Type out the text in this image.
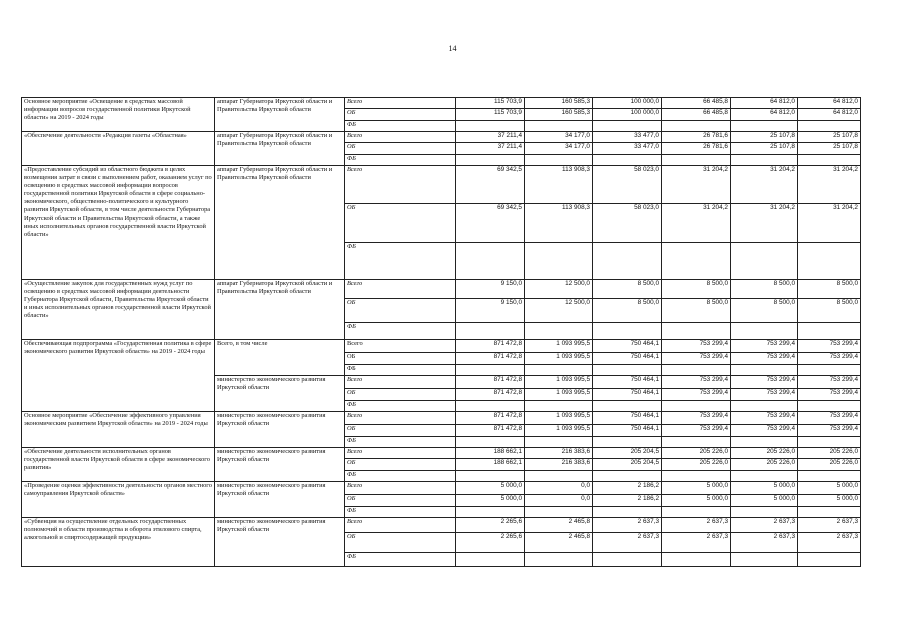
14
Основное мероприятие «Освещение в средствах массовой информации вопросов государственной политики Иркутской области» на 2019 - 2024 годы	аппарат Губернатора Иркутской области и Правительства Иркутской области	Всего	115 703,9	160 585,3	100 000,0	66 485,8	64 812,0	64 812,0
		ОБ	115 703,9	160 585,3	100 000,0	66 485,8	64 812,0	64 812,0
		ФБ						
«Обеспечение деятельности «Редакция газеты «Областная»	аппарат Губернатора Иркутской области и Правительства Иркутской области	Всего	37 211,4	34 177,0	33 477,0	26 781,6	25 107,8	25 107,8
		ОБ	37 211,4	34 177,0	33 477,0	26 781,6	25 107,8	25 107,8
		ФБ						
«Предоставление субсидий из областного бюджета в целях возмещения затрат в связи с выполнением работ, оказанием услуг по освещению в средствах массовой информации вопросов государственной политики Иркутской области в сфере социально-экономического, общественно-политического и культурного развития Иркутской области, в том числе деятельности Губернатора Иркутской области и Правительства Иркутской области, а также иных исполнительных органов государственной власти Иркутской области»	аппарат Губернатора Иркутской области и Правительства Иркутской области	Всего	69 342,5	113 908,3	58 023,0	31 204,2	31 204,2	31 204,2
		ОБ	69 342,5	113 908,3	58 023,0	31 204,2	31 204,2	31 204,2
		ФБ						
«Осуществление закупок для государственных нужд услуг по освещению в средствах массовой информации деятельности Губернатора Иркутской области, Правительства Иркутской области и иных исполнительных органов государственной власти Иркутской области»	аппарат Губернатора Иркутской области и Правительства Иркутской области	Всего	9 150,0	12 500,0	8 500,0	8 500,0	8 500,0	8 500,0
		ОБ	9 150,0	12 500,0	8 500,0	8 500,0	8 500,0	8 500,0
		ФБ						
Обеспечивающая подпрограмма «Государственная политика в сфере экономического развития Иркутской области» на 2019 - 2024 годы	Всего, в том числе	Всего	871 472,8	1 093 995,5	750 464,1	753 299,4	753 299,4	753 299,4
		ОБ	871 472,8	1 093 995,5	750 464,1	753 299,4	753 299,4	753 299,4
		ФБ						
	министерство экономического развития Иркутской области	Всего	871 472,8	1 093 995,5	750 464,1	753 299,4	753 299,4	753 299,4
		ОБ	871 472,8	1 093 995,5	750 464,1	753 299,4	753 299,4	753 299,4
		ФБ						
Основное мероприятие «Обеспечение эффективного управления экономическим развитием Иркутской области» на 2019 - 2024 годы	министерство экономического развития Иркутской области	Всего	871 472,8	1 093 995,5	750 464,1	753 299,4	753 299,4	753 299,4
		ОБ	871 472,8	1 093 995,5	750 464,1	753 299,4	753 299,4	753 299,4
		ФБ						
«Обеспечение деятельности исполнительных органов государственной власти Иркутской области в сфере экономического развития»	министерство экономического развития Иркутской области	Всего	188 662,1	216 383,6	205 204,5	205 226,0	205 226,0	205 226,0
		ОБ	188 662,1	216 383,6	205 204,5	205 226,0	205 226,0	205 226,0
		ФБ						
«Проведение оценки эффективности деятельности органов местного самоуправления Иркутской области»	министерство экономического развития Иркутской области	Всего	5 000,0	0,0	2 186,2	5 000,0	5 000,0	5 000,0
		ОБ	5 000,0	0,0	2 186,2	5 000,0	5 000,0	5 000,0
		ФБ						
«Субвенция на осуществление отдельных государственных полномочий в области производства и оборота этилового спирта, алкогольной и спиртосодержащей продукции»	министерство экономического развития Иркутской области	Всего	2 265,6	2 465,8	2 637,3	2 637,3	2 637,3	2 637,3
		ОБ	2 265,6	2 465,8	2 637,3	2 637,3	2 637,3	2 637,3
		ФБ						
